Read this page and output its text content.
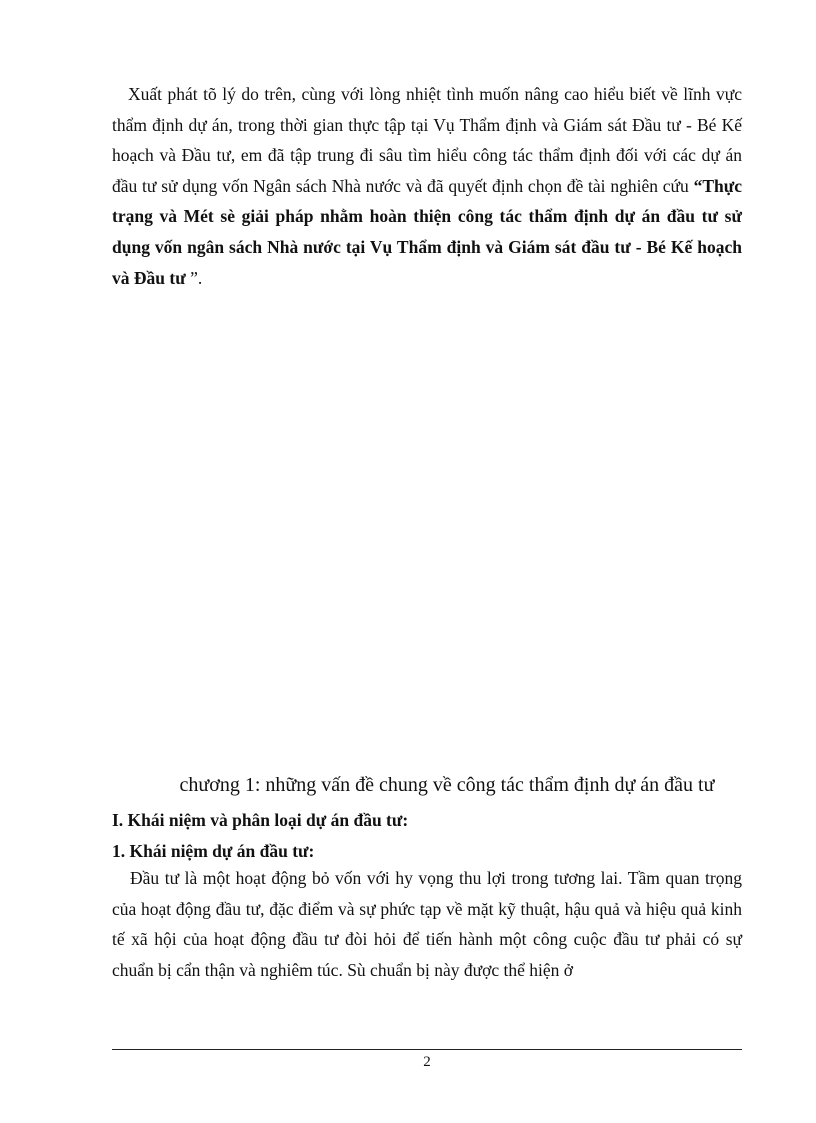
Xuất phát tõ lý do trên, cùng với lòng nhiệt tình muốn nâng cao hiểu biết về lĩnh vực thẩm định dự án, trong thời gian thực tập tại Vụ Thẩm định và Giám sát Đầu tư - Bé Kế hoạch và Đầu tư, em đã tập trung đi sâu tìm hiểu công tác thẩm định đối với các dự án đầu tư sử dụng vốn Ngân sách Nhà nước và đã quyết định chọn đề tài nghiên cứu “Thực trạng và Mét sè giải pháp nhằm hoàn thiện công tác thẩm định dự án đầu tư sử dụng vốn ngân sách Nhà nước tại Vụ Thẩm định và Giám sát đầu tư - Bé Kế hoạch và Đầu tư ”.

chương 1: những vấn đề chung về công tác thẩm định dự án đầu tư

I. Khái niệm và phân loại dự án đầu tư:

1. Khái niệm dự án đầu tư:

Đầu tư là một hoạt động bỏ vốn với hy vọng thu lợi trong tương lai. Tầm quan trọng của hoạt động đầu tư, đặc điểm và sự phức tạp về mặt kỹ thuật, hậu quả và hiệu quả kinh tế xã hội của hoạt động đầu tư đòi hỏi để tiến hành một công cuộc đầu tư phải có sự chuẩn bị cẩn thận và nghiêm túc. Sù chuẩn bị này được thể hiện ở

2
